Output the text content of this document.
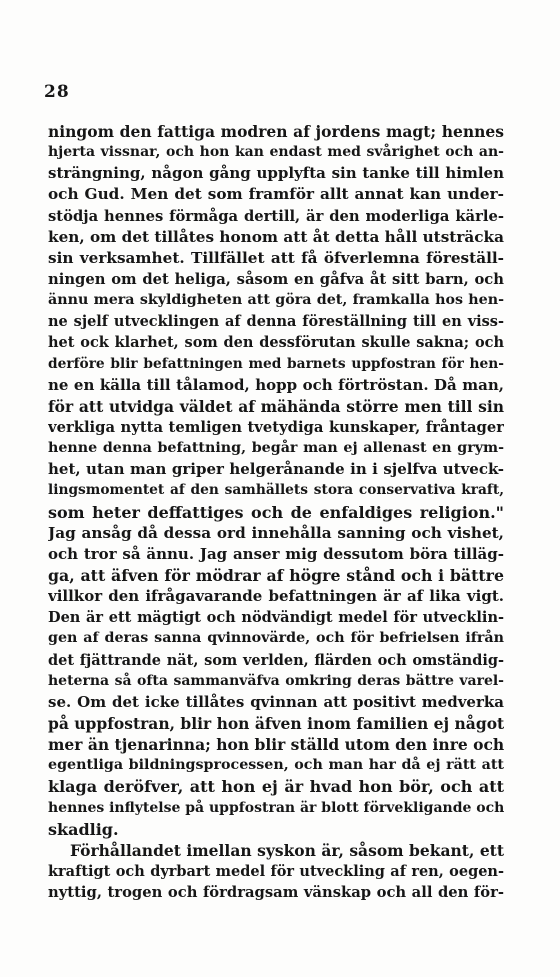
28
ningom den fattiga modren af jordens magt; hennes
hjerta vissnar, och hon kan endast med svårighet och an-
strängning, någon gång upplyfta sin tanke till himlen
och Gud. Men det som framför allt annat kan under-
stödja hennes förmåga dertill, är den moderliga kärle-
ken, om det tillåtes honom att åt detta håll utsträcka
sin verksamhet. Tillfället att få öfverlemna föreställ-
ningen om det heliga, såsom en gåfva åt sitt barn, och
ännu mera skyldigheten att göra det, framkalla hos hen-
ne sjelf utvecklingen af denna föreställning till en viss-
het ock klarhet, som den dessförutan skulle sakna; och
derföre blir befattningen med barnets uppfostran för hen-
ne en källa till tålamod, hopp och förtröstan. Då man,
för att utvidga väldet af mähända större men till sin
verkliga nytta temligen tvetydiga kunskaper, fråntager
henne denna befattning, begår man ej allenast en grym-
het, utan man griper helgerånande in i sjelfva utveck-
lingsmomentet af den samhällets stora conservativa kraft,
som heter deffattiges och de enfaldiges religion."
Jag ansåg då dessa ord innehålla sanning och vishet,
och tror så ännu. Jag anser mig dessutom böra tilläg-
ga, att äfven för mödrar af högre stånd och i bättre
villkor den ifrågavarande befattningen är af lika vigt.
Den är ett mägtigt och nödvändigt medel för utvecklin-
gen af deras sanna qvinnovärde, och för befrielsen ifrån
det fjättrande nät, som verlden, flärden och omständig-
heterna så ofta sammanväfva omkring deras bättre varel-
se. Om det icke tillåtes qvinnan att positivt medverka
på uppfostran, blir hon äfven inom familien ej något
mer än tjenarinna; hon blir ställd utom den inre och
egentliga bildningsprocessen, och man har då ej rätt att
klaga deröfver, att hon ej är hvad hon bör, och att
hennes inflytelse på uppfostran är blott förvekligande och
skadlig.
Förhållandet imellan syskon är, såsom bekant, ett
kraftigt och dyrbart medel för utveckling af ren, oegen-
nyttig, trogen och fördragsam vänskap och all den för-
